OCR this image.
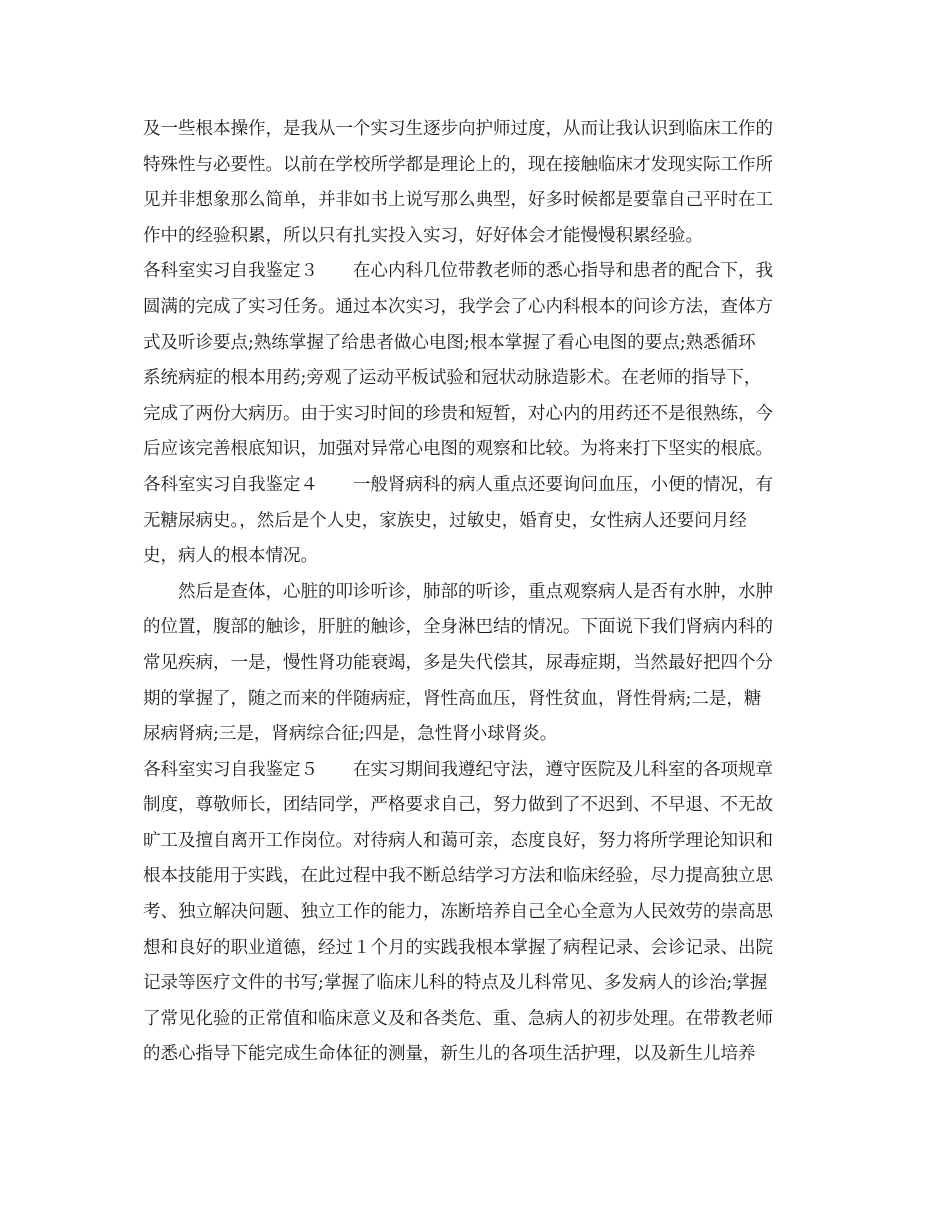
及一些根本操作，是我从一个实习生逐步向护师过度，从而让我认识到临床工作的
特殊性与必要性。以前在学校所学都是理论上的，现在接触临床才发现实际工作所
见并非想象那么简单，并非如书上说写那么典型，好多时候都是要靠自己平时在工
作中的经验积累，所以只有扎实投入实习，好好体会才能慢慢积累经验。
各科室实习自我鉴定３　　在心内科几位带教老师的悉心指导和患者的配合下，我
圆满的完成了实习任务。通过本次实习，我学会了心内科根本的问诊方法，查体方
式及听诊要点;熟练掌握了给患者做心电图;根本掌握了看心电图的要点;熟悉循环
系统病症的根本用药;旁观了运动平板试验和冠状动脉造影术。在老师的指导下，
完成了两份大病历。由于实习时间的珍贵和短暂，对心内的用药还不是很熟练，今
后应该完善根底知识，加强对异常心电图的观察和比较。为将来打下坚实的根底。
各科室实习自我鉴定４　　一般肾病科的病人重点还要询问血压，小便的情况，有
无糖尿病史。，然后是个人史，家族史，过敏史，婚育史，女性病人还要问月经
史，病人的根本情况。
然后是查体，心脏的叩诊听诊，肺部的听诊，重点观察病人是否有水肿，水肿
的位置，腹部的触诊，肝脏的触诊，全身淋巴结的情况。下面说下我们肾病内科的
常见疾病，一是，慢性肾功能衰竭，多是失代偿其，尿毒症期，当然最好把四个分
期的掌握了，随之而来的伴随病症，肾性高血压，肾性贫血，肾性骨病;二是，糖
尿病肾病;三是，肾病综合征;四是，急性肾小球肾炎。
各科室实习自我鉴定５　　在实习期间我遵纪守法，遵守医院及儿科室的各项规章
制度，尊敬师长，团结同学，严格要求自己，努力做到了不迟到、不早退、不无故
旷工及擅自离开工作岗位。对待病人和蔼可亲，态度良好，努力将所学理论知识和
根本技能用于实践，在此过程中我不断总结学习方法和临床经验，尽力提高独立思
考、独立解决问题、独立工作的能力，冻断培养自己全心全意为人民效劳的崇高思
想和良好的职业道德，经过１个月的实践我根本掌握了病程记录、会诊记录、出院
记录等医疗文件的书写;掌握了临床儿科的特点及儿科常见、多发病人的诊治;掌握
了常见化验的正常值和临床意义及和各类危、重、急病人的初步处理。在带教老师
的悉心指导下能完成生命体征的测量，新生儿的各项生活护理，以及新生儿培养
